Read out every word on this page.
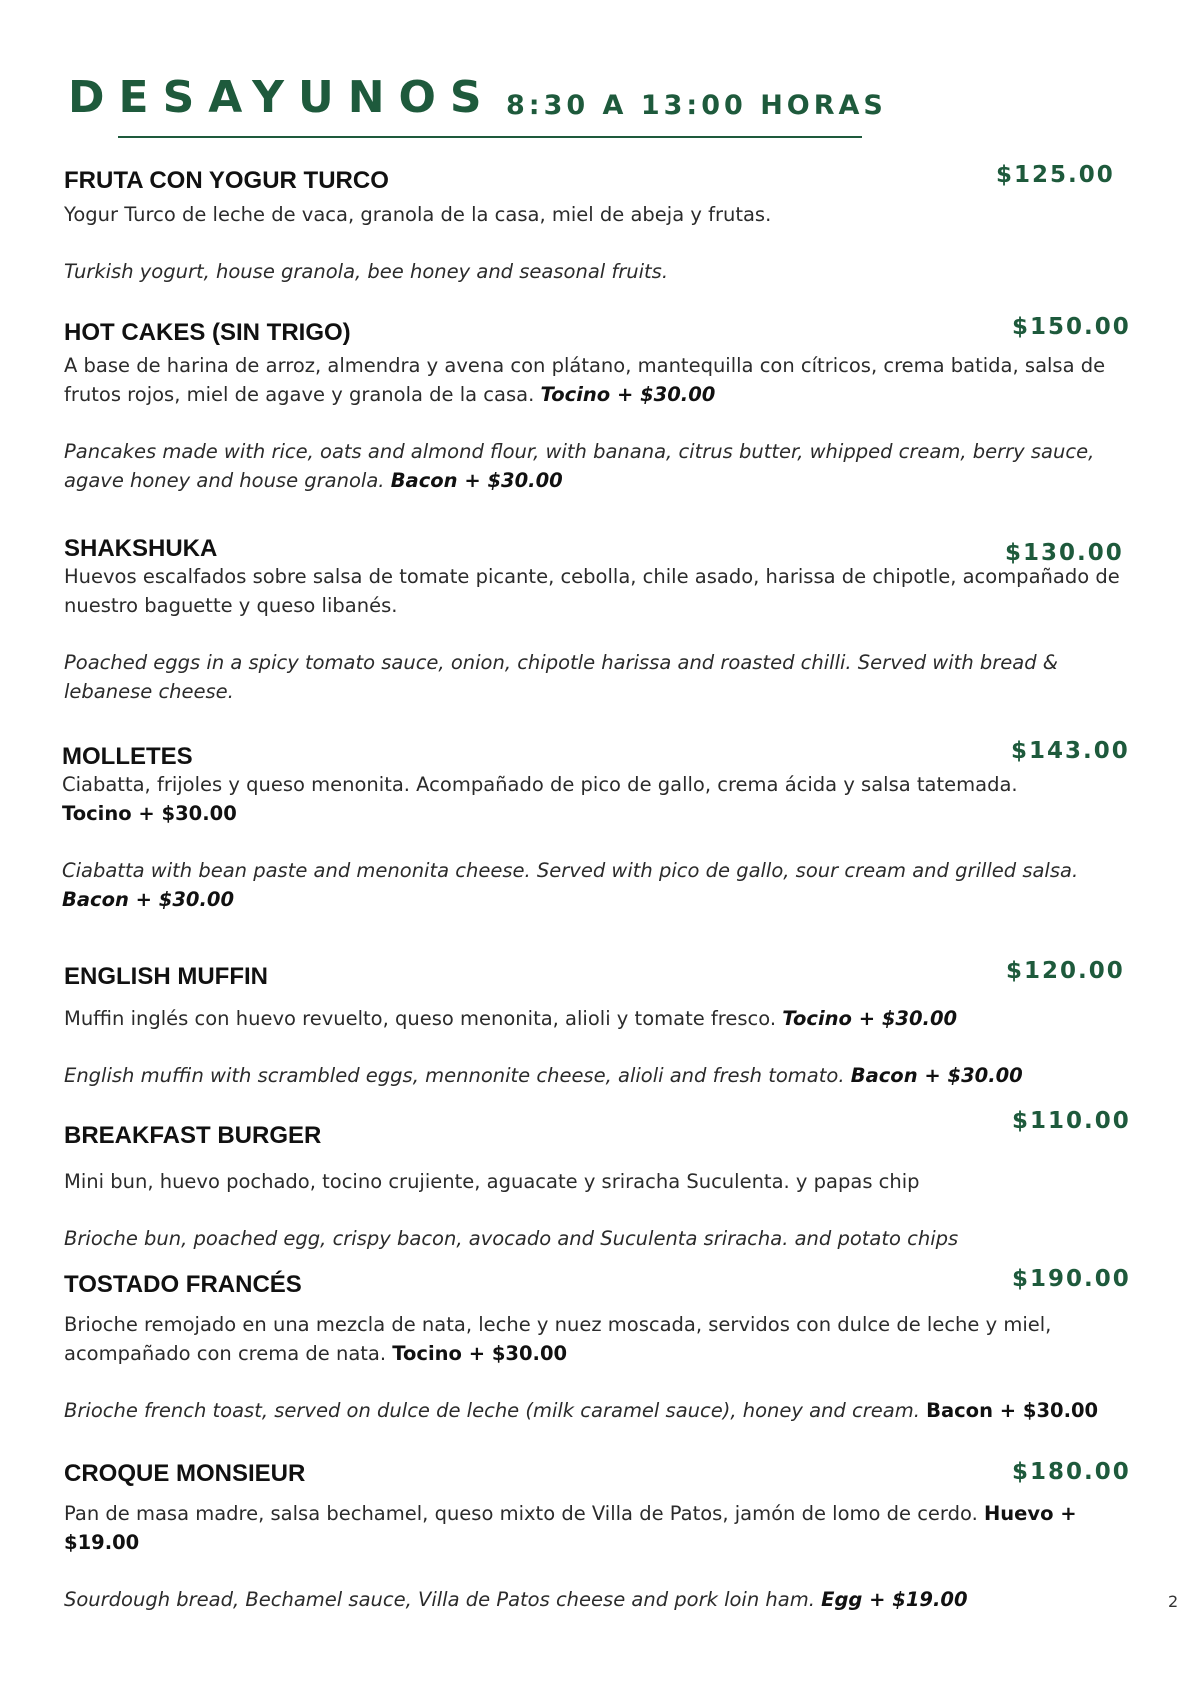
DESAYUNOS 8:30 A 13:00 HORAS
FRUTA CON YOGUR TURCO	$125.00

Yogur Turco de leche de vaca, granola de la casa, miel de abeja y frutas.

Turkish yogurt, house granola, bee honey and seasonal fruits.

HOT CAKES (SIN TRIGO)	$150.00

A base de harina de arroz, almendra y avena con plátano, mantequilla con cítricos, crema batida, salsa de frutos rojos, miel de agave y granola de la casa. Tocino + $30.00

Pancakes made with rice, oats and almond flour, with banana, citrus butter, whipped cream, berry sauce, agave honey and house granola. Bacon + $30.00

SHAKSHUKA	$130.00

Huevos escalfados sobre salsa de tomate picante, cebolla, chile asado, harissa de chipotle, acompañado de nuestro baguette y queso libanés.

Poached eggs in a spicy tomato sauce, onion, chipotle harissa and roasted chilli. Served with bread & lebanese cheese.

MOLLETES	$143.00

Ciabatta, frijoles y queso menonita. Acompañado de pico de gallo, crema ácida y salsa tatemada.
Tocino + $30.00

Ciabatta with bean paste and menonita cheese. Served with pico de gallo, sour cream and grilled salsa.
Bacon + $30.00

ENGLISH MUFFIN	$120.00

Muffin inglés con huevo revuelto, queso menonita, alioli y tomate fresco. Tocino + $30.00

English muffin with scrambled eggs, mennonite cheese, alioli and fresh tomato. Bacon + $30.00

BREAKFAST BURGER
$110.00

Mini bun, huevo pochado, tocino crujiente, aguacate y sriracha Suculenta. y papas chip

Brioche bun, poached egg, crispy bacon, avocado and Suculenta sriracha. and potato chips

TOSTADO FRANCÉS	$190.00

Brioche remojado en una mezcla de nata, leche y nuez moscada, servidos con dulce de leche y miel, acompañado con crema de nata. Tocino + $30.00

Brioche french toast, served on dulce de leche (milk caramel sauce), honey and cream. Bacon + $30.00

CROQUE MONSIEUR	$180.00

Pan de masa madre, salsa bechamel, queso mixto de Villa de Patos, jamón de lomo de cerdo. Huevo + $19.00

Sourdough bread, Bechamel sauce, Villa de Patos cheese and pork loin ham. Egg + $19.00	2
